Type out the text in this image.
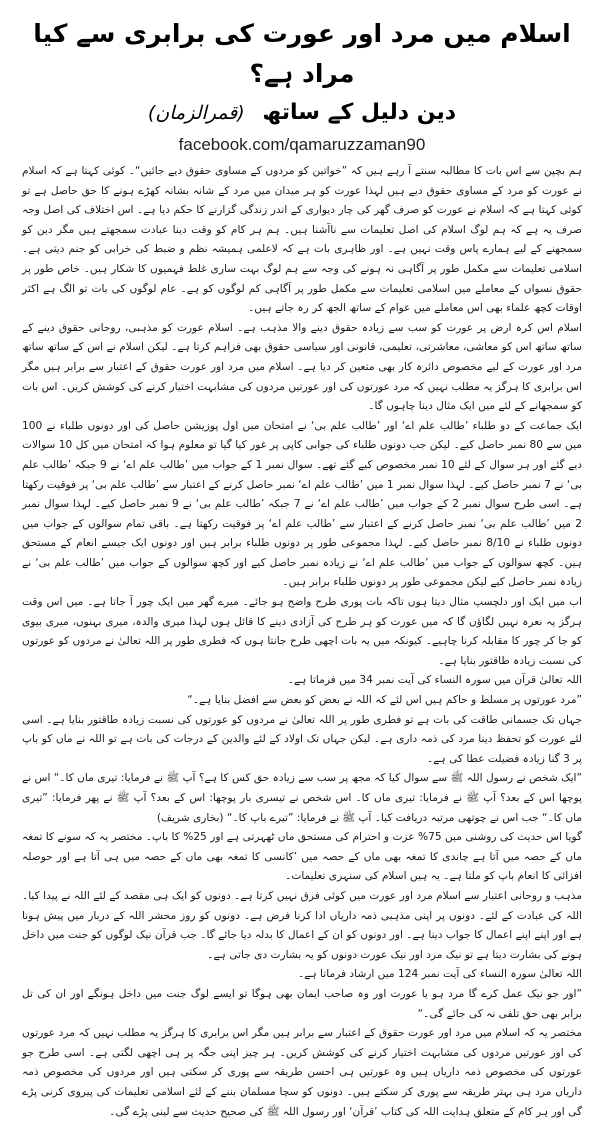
اسلام میں مرد اور عورت کی برابری سے کیا مراد ہے؟
دین دلیل کے ساتھ (قمرالزمان)
facebook.com/qamaruzzaman90

ہم بچپن سے اس بات کا مطالبہ سنتے آ رہے ہیں کہ ”خواتین کو مردوں کے مساوی حقوق دیے جائیں“۔ کوئی کہتا ہے کہ اسلام نے عورت کو مرد کے مساوی حقوق دیے ہیں لہذا عورت کو ہر میدان میں مرد کے شانہ بشانہ کھڑے ہونے کا حق حاصل ہے تو کوئی کہتا ہے کہ اسلام نے عورت کو صرف گھر کی چار دیواری کے اندر زندگی گزارنے کا حکم دیا ہے۔ اس اختلاف کی اصل وجہ صرف یہ ہے کہ ہم لوگ اسلام کی اصل تعلیمات سے ناآشنا ہیں۔ ہم ہر کام کو وقت دینا عبادت سمجھتے ہیں مگر دین کو سمجھنے کے لیے ہمارے پاس وقت نہیں ہے۔ اور ظاہری بات ہے کہ لاعلمی ہمیشہ نظم و ضبط کی خرابی کو جنم دیتی ہے۔ اسلامی تعلیمات سے مکمل طور پر آگاہی نہ ہونے کی وجہ سے ہم لوگ بہت ساری غلط فہمیوں کا شکار ہیں۔ خاص طور پر حقوق نسواں کے معاملے میں اسلامی تعلیمات سے مکمل طور پر آگاہی کم لوگوں کو ہے۔ عام لوگوں کی بات تو الگ ہے اکثر اوقات کچھ علماء بھی اس معاملے میں عوام کے ساتھ الجھ کر رہ جاتے ہیں۔

اسلام اس کرہ ارض پر عورت کو سب سے زیادہ حقوق دینے والا مذہب ہے۔ اسلام عورت کو مذہبی، روحانی حقوق دینے کے ساتھ ساتھ اس کو معاشی، معاشرتی، تعلیمی، قانونی اور سیاسی حقوق بھی فراہم کرتا ہے۔ لیکن اسلام نے اس کے ساتھ ساتھ مرد اور عورت کے لیے مخصوص دائرہ کار بھی متعین کر دیا ہے۔ اسلام میں مرد اور عورت حقوق کے اعتبار سے برابر ہیں مگر اس برابری کا ہرگز یہ مطلب نہیں کہ مرد عورتوں کی اور عورتیں مردوں کی مشابہت اختیار کرنے کی کوشش کریں۔ اس بات کو سمجھانے کے لئے میں ایک مثال دینا چاہوں گا۔

ایک جماعت کے دو طلباء ’طالب علم اے‘ اور ’طالب علم بی‘ نے امتحان میں اول پوزیشن حاصل کی اور دونوں طلباء نے 100 میں سے 80 نمبر حاصل کیے۔ لیکن جب دونوں طلباء کی جوابی کاپی پر غور کیا گیا تو معلوم ہوا کہ امتحان میں کل 10 سوالات دیے گئے اور ہر سوال کے لئے 10 نمبر مخصوص کیے گئے تھے۔ سوال نمبر 1 کے جواب میں ’طالب علم اے‘ نے 9 جبکہ ’طالب علم بی‘ نے 7 نمبر حاصل کیے۔ لہذا سوال نمبر 1 میں ’طالب علم اے‘ نمبر حاصل کرنے کے اعتبار سے ’طالب علم بی‘ پر فوقیت رکھتا ہے۔ اسی طرح سوال نمبر 2 کے جواب میں ’طالب علم اے‘ نے 7 جبکہ ’طالب علم بی‘ نے 9 نمبر حاصل کیے۔ لہذا سوال نمبر 2 میں ’طالب علم بی‘ نمبر حاصل کرنے کے اعتبار سے ’طالب علم اے‘ پر فوقیت رکھتا ہے۔ باقی تمام سوالوں کے جواب میں دونوں طلباء نے 8/10 نمبر حاصل کیے۔ لہذا مجموعی طور پر دونوں طلباء برابر ہیں اور دونوں ایک جیسے انعام کے مستحق ہیں۔ کچھ سوالوں کے جواب میں ’طالب علم اے‘ نے زیادہ نمبر حاصل کیے اور کچھ سوالوں کے جواب میں ’طالب علم بی‘ نے زیادہ نمبر حاصل کیے لیکن مجموعی طور پر دونوں طلباء برابر ہیں۔

اب میں ایک اور دلچسپ مثال دیتا ہوں تاکہ بات پوری طرح واضح ہو جائے۔ میرے گھر میں ایک چور آ جاتا ہے۔ میں اس وقت ہرگز یہ نعرہ نہیں لگاؤں گا کہ میں عورت کو ہر طرح کی آزادی دینے کا قائل ہوں لہذا میری والدہ، میری بہنوں، میری بیوی کو جا کر چور کا مقابلہ کرنا چاہیے۔ کیونکہ میں یہ بات اچھی طرح جانتا ہوں کہ فطری طور پر اللہ تعالیٰ نے مردوں کو عورتوں کی نسبت زیادہ طاقتور بنایا ہے۔

اللہ تعالیٰ قرآن میں سورہ النساء کی آیت نمبر 34 میں فرماتا ہے۔

”مرد عورتوں پر مسلط و حاکم ہیں اس لئے کہ اللہ نے بعض کو بعض سے افضل بنایا ہے۔“

جہاں تک جسمانی طاقت کی بات ہے تو فطری طور پر اللہ تعالیٰ نے مردوں کو عورتوں کی نسبت زیادہ طاقتور بنایا ہے۔ اسی لئے عورت کو تحفظ دینا مرد کی ذمہ داری ہے۔ لیکن جہاں تک اولاد کے لئے والدین کے درجات کی بات ہے تو اللہ نے ماں کو باپ پر 3 گنا زیادہ فضیلت عطا کی ہے۔

”ایک شخص نے رسول اللہ ﷺ سے سوال کیا کہ مجھ پر سب سے زیادہ حق کس کا ہے؟ آپ ﷺ نے فرمایا: تیری ماں کا۔“ اس نے پوچھا اس کے بعد؟ آپ ﷺ نے فرمایا: تیری ماں کا۔ اس شخص نے تیسری بار پوچھا: اس کے بعد؟ آپ ﷺ نے پھر فرمایا: ”تیری ماں کا۔“ جب اس نے چوتھی مرتبہ دریافت کیا۔ آپ ﷺ نے فرمایا: ”تیرے باپ کا۔“ (بخاری شریف)

گویا اس حدیث کی روشنی میں 75% عزت و احترام کی مستحق ماں ٹھہرتی ہے اور 25% کا باپ۔ مختصر یہ کہ سونے کا تمغہ ماں کے حصہ میں آتا ہے چاندی کا تمغہ بھی ماں کے حصہ میں ’کانسی کا تمغہ بھی ماں کے حصہ میں ہی آتا ہے اور حوصلہ افزائی کا انعام باپ کو ملتا ہے۔ یہ ہیں اسلام کی سنہری تعلیمات۔

مذہب و روحانی اعتبار سے اسلام مرد اور عورت میں کوئی فرق نہیں کرتا ہے۔ دونوں کو ایک ہی مقصد کے لئے اللہ نے پیدا کیا۔ اللہ کی عبادت کے لئے۔ دونوں پر اپنی مذہبی ذمہ داریاں ادا کرنا فرض ہے۔ دونوں کو روز محشر اللہ کے دربار میں پیش ہونا ہے اور اپنے اپنے اعمال کا جواب دینا ہے۔ اور دونوں کو ان کے اعمال کا بدلہ دیا جائے گا۔ جب قرآن نیک لوگوں کو جنت میں داخل ہونے کی بشارت دیتا ہے تو نیک مرد اور نیک عورت دونوں کو یہ بشارت دی جاتی ہے۔

اللہ تعالیٰ سورہ النساء کی آیت نمبر 124 میں ارشاد فرماتا ہے۔

”اور جو نیک عمل کرے گا مرد ہو یا عورت اور وہ صاحب ایمان بھی ہوگا تو ایسے لوگ جنت میں داخل ہونگے اور ان کی تل برابر بھی حق تلفی نہ کی جائے گی۔“

مختصر یہ کہ اسلام میں مرد اور عورت حقوق کے اعتبار سے برابر ہیں مگر اس برابری کا ہرگز یہ مطلب نہیں کہ مرد عورتوں کی اور عورتیں مردوں کی مشابہت اختیار کرنے کی کوشش کریں۔ ہر چیز اپنی جگہ پر ہی اچھی لگتی ہے۔ اسی طرح جو عورتوں کی مخصوص ذمہ داریاں ہیں وہ عورتیں ہی احسن طریقہ سے پوری کر سکتی ہیں اور مردوں کی مخصوص ذمہ داریاں مرد ہی بہتر طریقہ سے پوری کر سکتے ہیں۔ دونوں کو سچا مسلمان بننے کے لئے اسلامی تعلیمات کی پیروی کرنی پڑے گی اور ہر کام کے متعلق ہدایت اللہ کی کتاب ’قرآن‘ اور رسول اللہ ﷺ کی صحیح حدیث سے لینی پڑے گی۔
